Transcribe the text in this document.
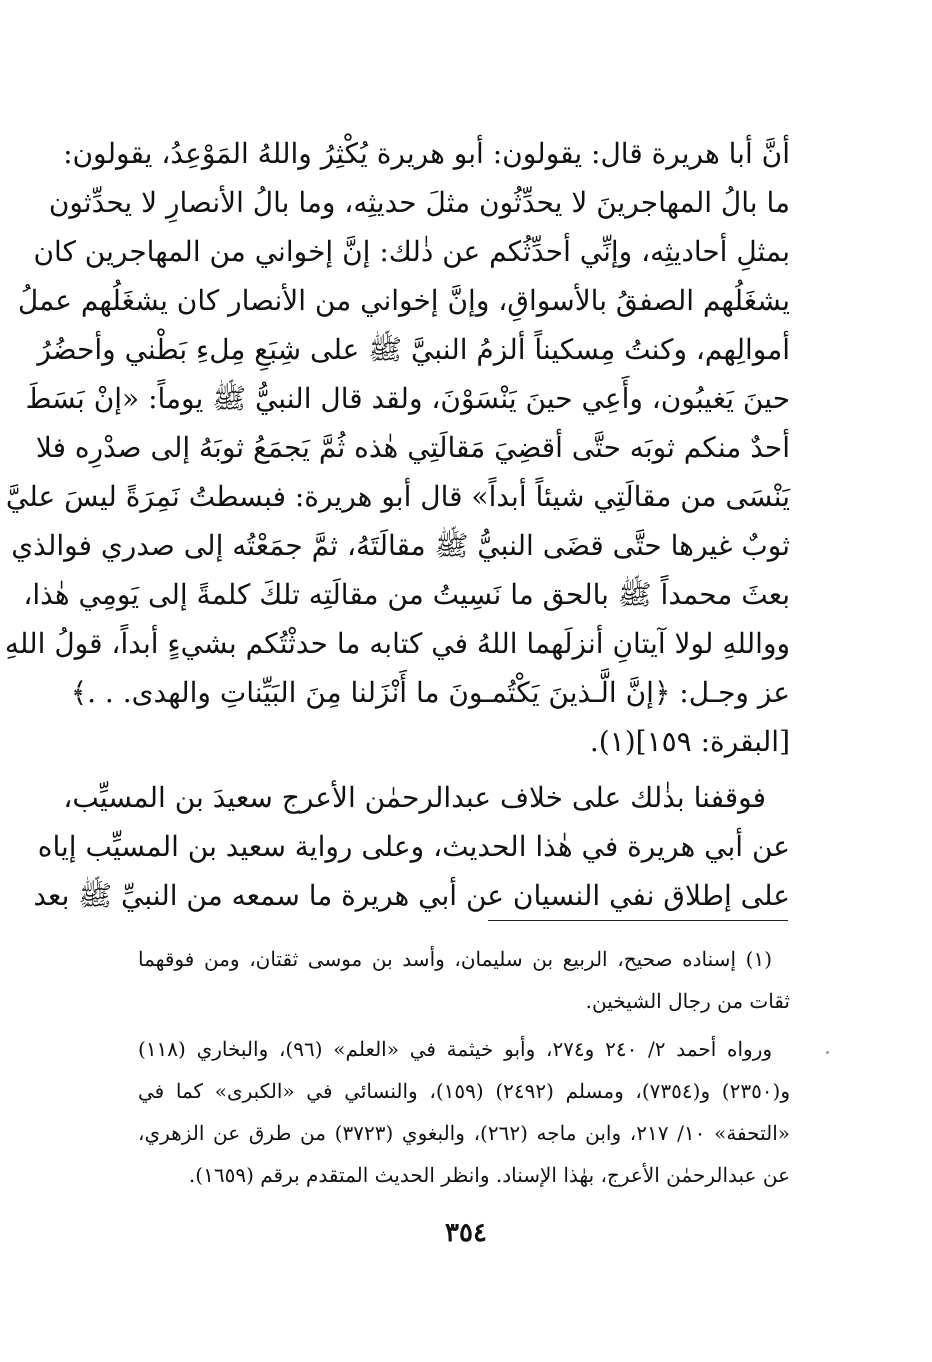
أنَّ أبا هريرة قال: يقولون: أبو هريرة يُكْثِرُ واللهُ المَوْعِدُ، يقولون:
ما بالُ المهاجرينَ لا يحدِّثُون مثلَ حديثِه، وما بالُ الأنصارِ لا يحدِّثون
بمثلِ أحاديثِه، وإنِّي أحدِّثُكم عن ذٰلك: إنَّ إخواني من المهاجرين كان
يشغَلُهم الصفقُ بالأسواقِ، وإنَّ إخواني من الأنصار كان يشغَلُهم عملُ
أموالِهم، وكنتُ مِسكيناً ألزمُ النبيَّ ﷺ على شِبَعِ مِلءِ بَطْني وأحضُرُ
حينَ يَغيبُون، وأَعِي حينَ يَنْسَوْنَ، ولقد قال النبيُّ ﷺ يوماً: «إنْ بَسَطَ
أحدٌ منكم ثوبَه حتَّى أقضِيَ مَقالَتِي هٰذه ثُمَّ يَجمَعُ ثوبَهُ إلى صدْرِه فلا
يَنْسَى من مقالَتِي شيئاً أبداً» قال أبو هريرة: فبسطتُ نَمِرَةً ليسَ عليَّ
ثوبٌ غيرها حتَّى قضَى النبيُّ ﷺ مقالَتَهُ، ثمَّ جمَعْتُه إلى صدري فوالذي
بعثَ محمداً ﷺ بالحق ما نَسِيتُ من مقالَتِه تلكَ كلمةً إلى يَومِي هٰذا،
وواللهِ لولا آيتانِ أنزلَهما اللهُ في كتابه ما حدثْتُكم بشيءٍ أبداً، قولُ اللهِ
عز وجـل: ﴿إنَّ الَّـذينَ يَكْتُمـونَ ما أَنْزَلنا مِنَ البَيِّناتِ والهدى. . .﴾
[البقرة: ١٥٩](١).
فوقفنا بذٰلك على خلاف عبدالرحمٰن الأعرج سعيدَ بن المسيِّب،
عن أبي هريرة في هٰذا الحديث، وعلى رواية سعيد بن المسيِّب إياه
على إطلاق نفي النسيان عن أبي هريرة ما سمعه من النبيِّ ﷺ بعد
(١) إسناده صحيح، الربيع بن سليمان، وأسد بن موسى ثقتان، ومن فوقهما
ثقات من رجال الشيخين.
ورواه أحمد ٢/ ٢٤٠ و٢٧٤، وأبو خيثمة في «العلم» (٩٦)، والبخاري (١١٨)
و(٢٣٥٠) و(٧٣٥٤)، ومسلم (٢٤٩٢) (١٥٩)، والنسائي في «الكبرى» كما في
«التحفة» ١٠/ ٢١٧، وابن ماجه (٢٦٢)، والبغوي (٣٧٢٣) من طرق عن الزهري،
عن عبدالرحمٰن الأعرج، بهٰذا الإسناد. وانظر الحديث المتقدم برقم (١٦٥٩).
٣٥٤
